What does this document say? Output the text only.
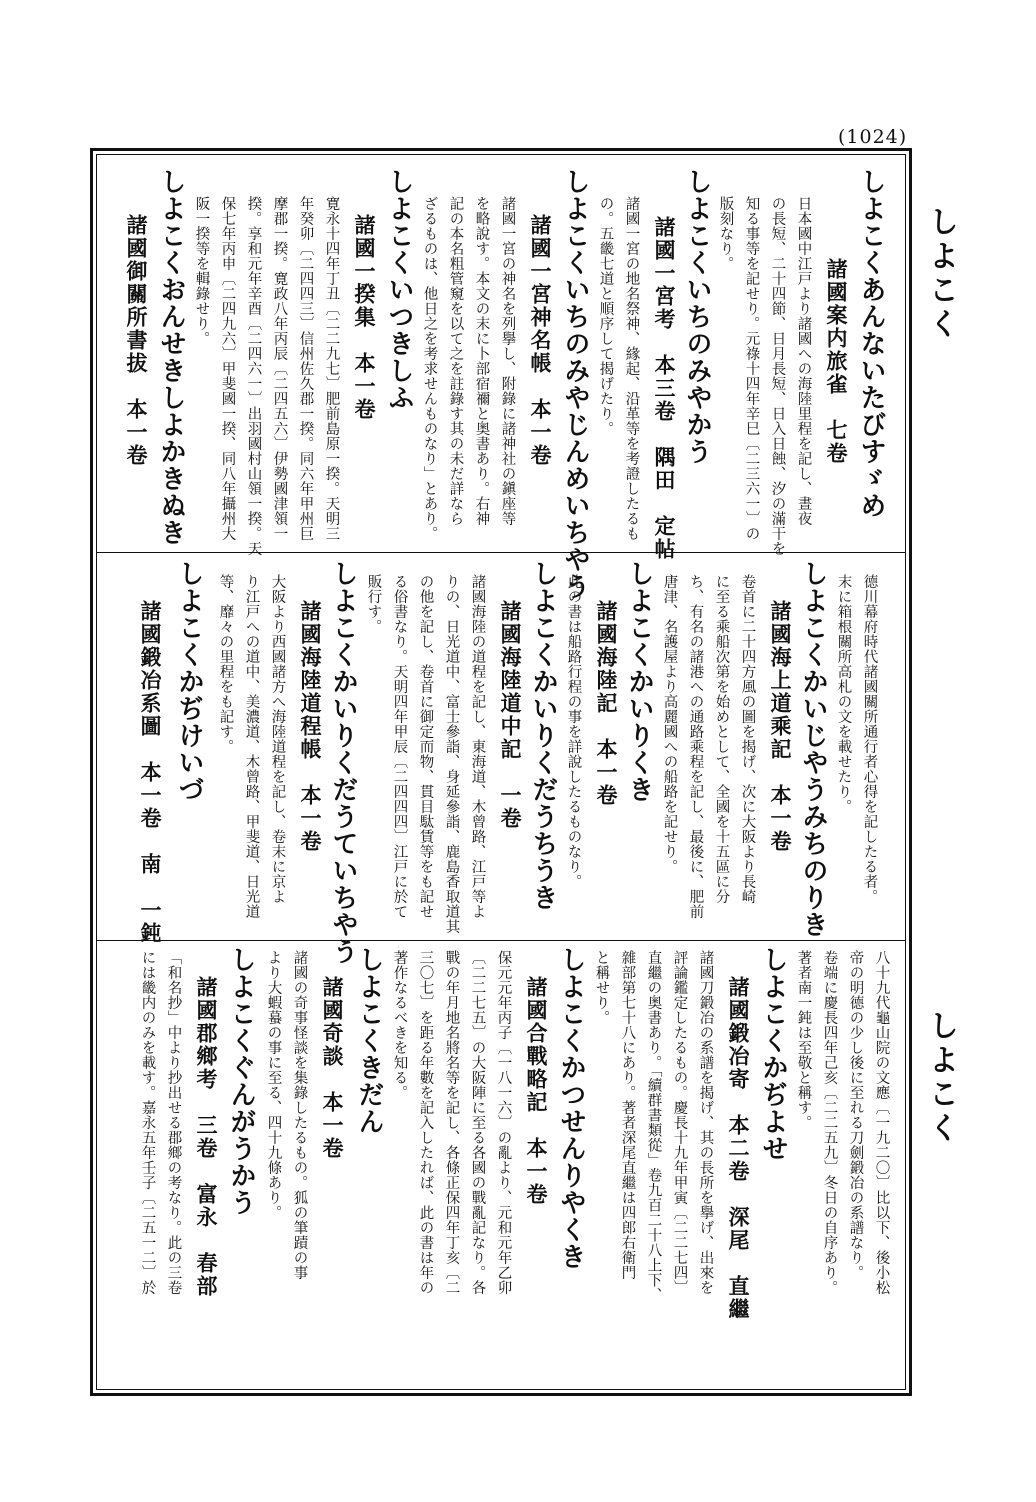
(1024)
しよこく
しよこく
しよこくあんないたびすゞめ
諸國案内旅雀　七卷
日本國中江戸より諸國への海陸里程を記し、晝夜
の長短、二十四節、日月長短、日入日蝕、汐の滿干を
知る事等を記せり。元祿十四年辛巳〔二三六一〕の
版刻なり。
しよこくいちのみやかう
諸國一宮考　本三卷　隅田　定帖
諸國一宮の地名祭神、緣起、沿革等を考證したるも
の。五畿七道と順序して揭げたり。
しよこくいちのみやじんめいちやう
諸國一宮神名帳　本一卷
諸國一宮の神名を列擧し、附錄に諸神社の鎭座等
を略說す。本文の末に卜部宿禰と奥書あり。右神
記の本名粗管窺を以て之を註錄す其の未だ詳なら
ざるものは、他日之を考求せんものなり」とあり。
しよこくいつきしふ
諸國一揆集　本一卷
寛永十四年丁丑〔二二九七〕肥前島原一揆。天明三
年癸卯〔二四四三〕信州佐久郡一揆。同六年甲州巨
摩郡一揆。寛政八年丙辰〔二四五六〕伊勢國津領一
揆。享和元年辛酉〔二四六一〕出羽國村山領一揆。天
保七年丙申〔二四九六〕甲斐國一揆、同八年攝州大
阪一揆等を輯錄せり。
しよこくおんせきしよかきぬき
諸國御關所書拔　本一卷
德川幕府時代諸國關所通行者心得を記したる者。
末に箱根關所高札の文を載せたり。
しよこくかいじやうみちのりき
諸國海上道乘記　本一卷
卷首に二十四方風の圖を揭げ、次に大阪より長崎
に至る乘船次第を始めとして、全國を十五區に分
ち、有名の諸港への通路乘程を記し、最後に、肥前
唐津、名護屋より高麗國への船路を記せり。
しよこくかいりくき
諸國海陸記　本一卷
此の書は船路行程の事を詳說したるものなり。
しよこくかいりくだうちうき
諸國海陸道中記　一卷
諸國海陸の道程を記し、東海道、木曾路、江戸等よ
りの、日光道中、富士參詣、身延參詣、鹿島香取道其
の他を記し、卷首に御定而物、貫目駄賃等をも記せ
る俗書なり。天明四年甲辰〔二四四四〕江戸に於て
販行す。
しよこくかいりくだうていちやう
諸國海陸道程帳　本一卷
大阪より西國諸方へ海陸道程を記し、卷末に京よ
り江戸への道中、美濃道、木曾路、甲斐道、日光道
等、靡々の里程をも記す。
しよこくかぢけいづ
諸國鍛冶系圖　本一卷　南　一鈍
八十九代龜山院の文應〔一九二〇〕比以下、後小松
帝の明德の少し後に至れる刀劍鍛冶の系譜なり。
卷端に慶長四年己亥〔二二五九〕冬日の自序あり。
著者南一鈍は至敬と稱す。
しよこくかぢよせ
諸國鍛冶寄　本二卷　深尾　直繼
諸國刀鍛冶の系譜を揭げ、其の長所を擧げ、出來を
評論鑑定したるもの。慶長十九年甲寅〔二二七四〕
直繼の奥書あり。「續群書類從」卷九百二十八上下、
雜部第七十八にあり。著者深尾直繼は四郎右衛門
と稱せり。
しよこくかつせんりやくき
諸國合戰略記　本一卷
保元元年丙子〔一八一六〕の亂より、元和元年乙卯
〔二二七五〕の大阪陣に至る各國の戰亂記なり。各
戰の年月地名將名等を記し、各條正保四年丁亥〔二
三〇七〕を距る年數を記入したれば、此の書は年の
著作なるべきを知る。
しよこくきだん
諸國奇談　本一卷
諸國の奇事怪談を集錄したるもの。狐の筆蹟の事
より大蝦蟇の事に至る、四十九條あり。
しよこくぐんがうかう
諸國郡鄉考　三卷　富永　春部
「和名抄」中より抄出せる郡鄉の考なり。此の三卷
には畿内のみを載す。嘉永五年壬子〔二五一二〕於
